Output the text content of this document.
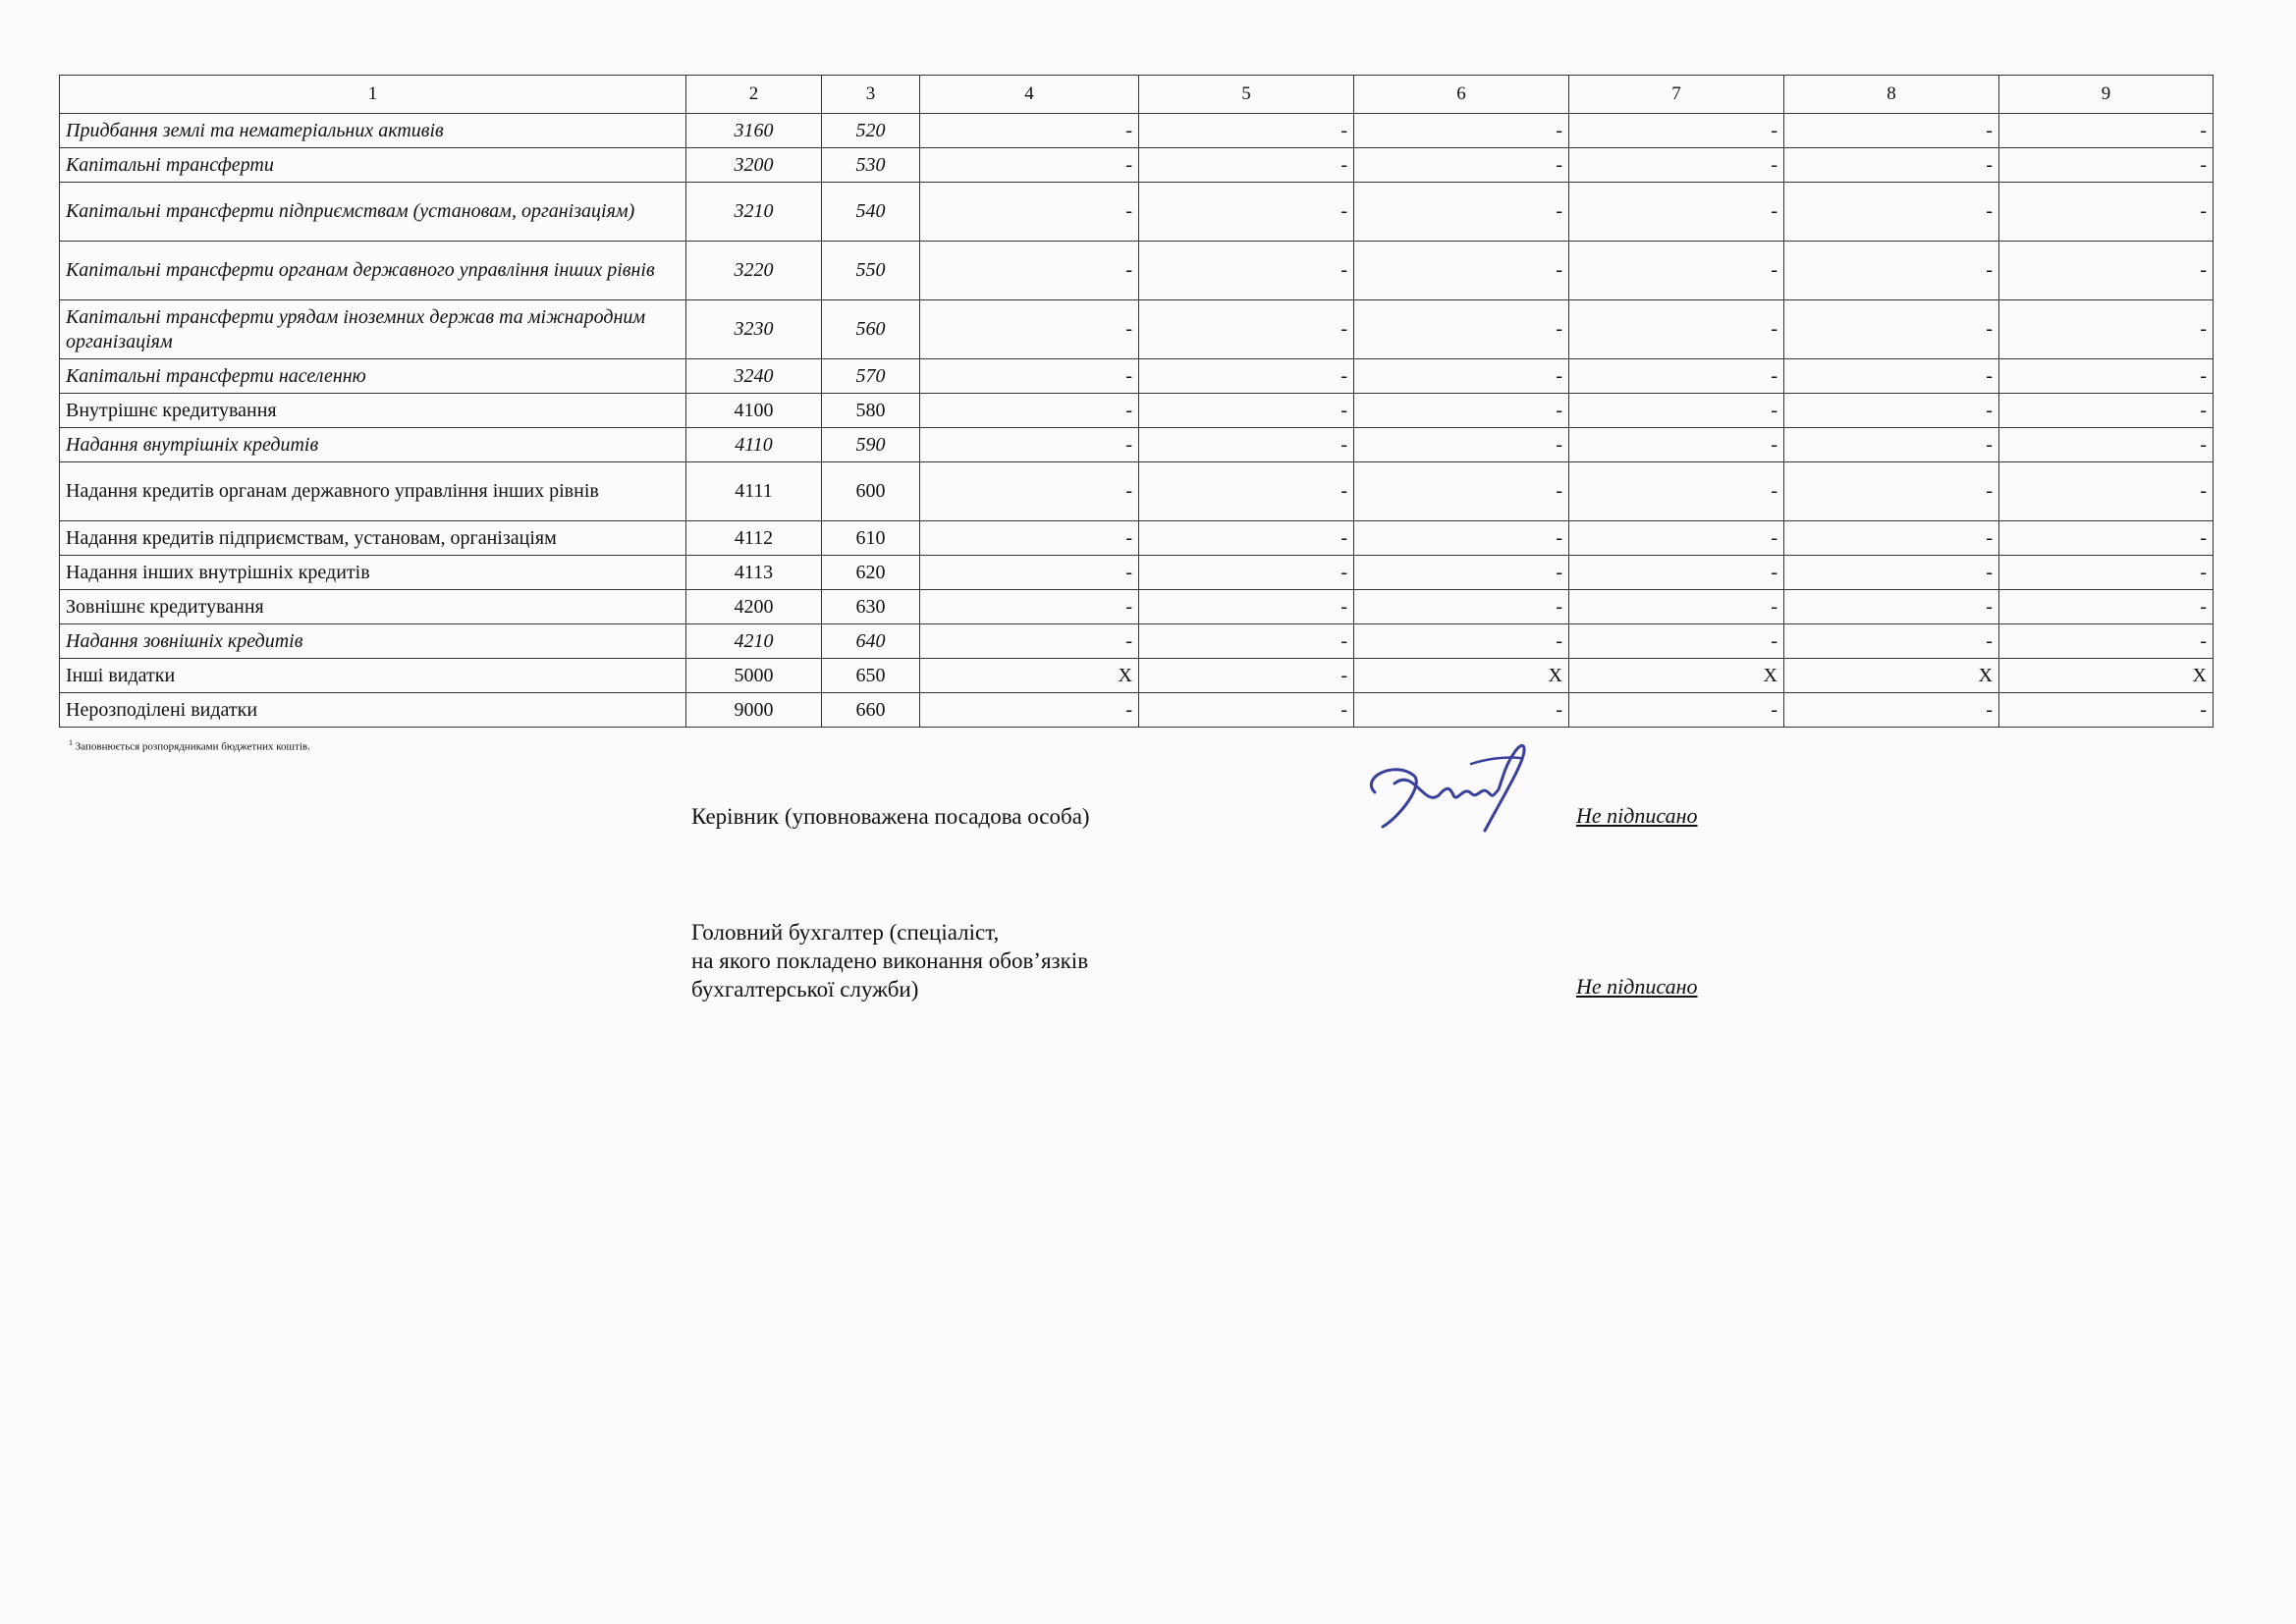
1	2	3	4	5	6	7	8	9
Придбання землі та нематеріальних активів	3160	520	-	-	-	-	-	-
Капітальні трансферти	3200	530	-	-	-	-	-	-
Капітальні трансферти підприємствам (установам, організаціям)	3210	540	-	-	-	-	-	-
Капітальні трансферти органам державного управління інших рівнів	3220	550	-	-	-	-	-	-
Капітальні трансферти урядам іноземних держав та міжнародним організаціям	3230	560	-	-	-	-	-	-
Капітальні трансферти населенню	3240	570	-	-	-	-	-	-
Внутрішнє кредитування	4100	580	-	-	-	-	-	-
Надання внутрішніх кредитів	4110	590	-	-	-	-	-	-
Надання кредитів органам державного управління інших рівнів	4111	600	-	-	-	-	-	-
Надання кредитів підприємствам, установам, організаціям	4112	610	-	-	-	-	-	-
Надання інших внутрішніх кредитів	4113	620	-	-	-	-	-	-
Зовнішнє кредитування	4200	630	-	-	-	-	-	-
Надання зовнішніх кредитів	4210	640	-	-	-	-	-	-
Інші видатки	5000	650	Х	-	Х	Х	Х	Х
Нерозподілені видатки	9000	660	-	-	-	-	-	-
$^1$ Заповнюється розпорядниками бюджетних коштів.
Керівник (уповноважена посадова особа)	Не підписано
Головний бухгалтер (спеціаліст,
на якого покладено виконання обов’язків
бухгалтерської служби)	Не підписано
